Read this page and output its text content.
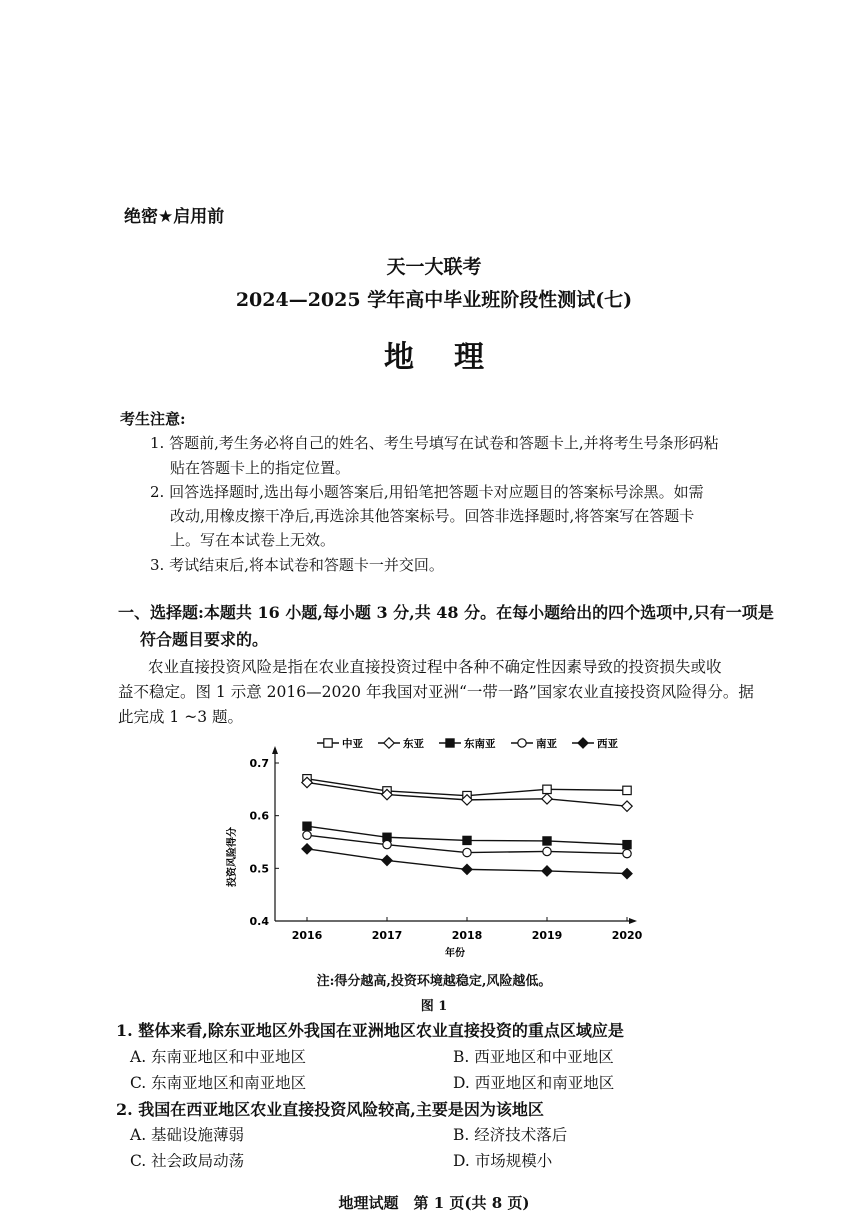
绝密★启用前
天一大联考
2024—2025 学年高中毕业班阶段性测试(七)
地理
考生注意:
1. 答题前,考生务必将自己的姓名、考生号填写在试卷和答题卡上,并将考生号条形码粘
贴在答题卡上的指定位置。
2. 回答选择题时,选出每小题答案后,用铅笔把答题卡对应题目的答案标号涂黑。如需
改动,用橡皮擦干净后,再选涂其他答案标号。回答非选择题时,将答案写在答题卡
上。写在本试卷上无效。
3. 考试结束后,将本试卷和答题卡一并交回。
一、选择题:本题共 16 小题,每小题 3 分,共 48 分。在每小题给出的四个选项中,只有一项是
符合题目要求的。
农业直接投资风险是指在农业直接投资过程中各种不确定性因素导致的投资损失或收
益不稳定。图 1 示意 2016—2020 年我国对亚洲“一带一路”国家农业直接投资风险得分。据
此完成 1 ~3 题。
中亚	东亚	东南亚	南亚	西亚
0.4
0.5
0.6
0.7
2016	2017	2018	2019	2020
年份
投资风险得分
注:得分越高,投资环境越稳定,风险越低。
图 1
1. 整体来看,除东亚地区外我国在亚洲地区农业直接投资的重点区域应是
A. 东南亚地区和中亚地区	B. 西亚地区和中亚地区
C. 东南亚地区和南亚地区	D. 西亚地区和南亚地区
2. 我国在西亚地区农业直接投资风险较高,主要是因为该地区
A. 基础设施薄弱	B. 经济技术落后
C. 社会政局动荡	D. 市场规模小
地理试题　第 1 页(共 8 页)
